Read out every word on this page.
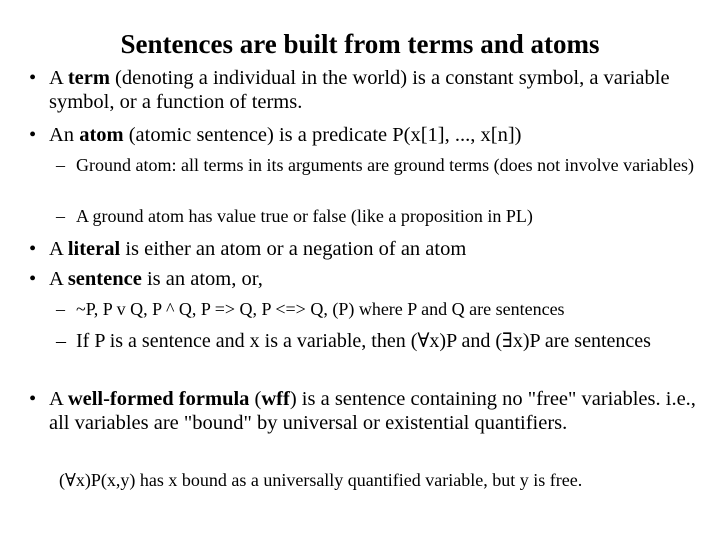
Sentences are built from terms and atoms
• A term (denoting a individual in the world) is a constant symbol, a variable symbol, or a function of terms.
• An atom (atomic sentence) is a predicate P(x[1], ..., x[n])
– Ground atom: all terms in its arguments are ground terms (does not involve variables)
– A ground atom has value true or false (like a proposition in PL)
• A literal is either an atom or a negation of an atom
• A sentence is an atom, or,
– ~P, P v Q, P ^ Q, P => Q, P <=> Q, (P) where P and Q are sentences
– If P is a sentence and x is a variable, then (∀x)P and (∃x)P are sentences
• A well-formed formula (wff) is a sentence containing no "free" variables. i.e., all variables are "bound" by universal or existential quantifiers.
(∀x)P(x,y) has x bound as a universally quantified variable, but y is free.
